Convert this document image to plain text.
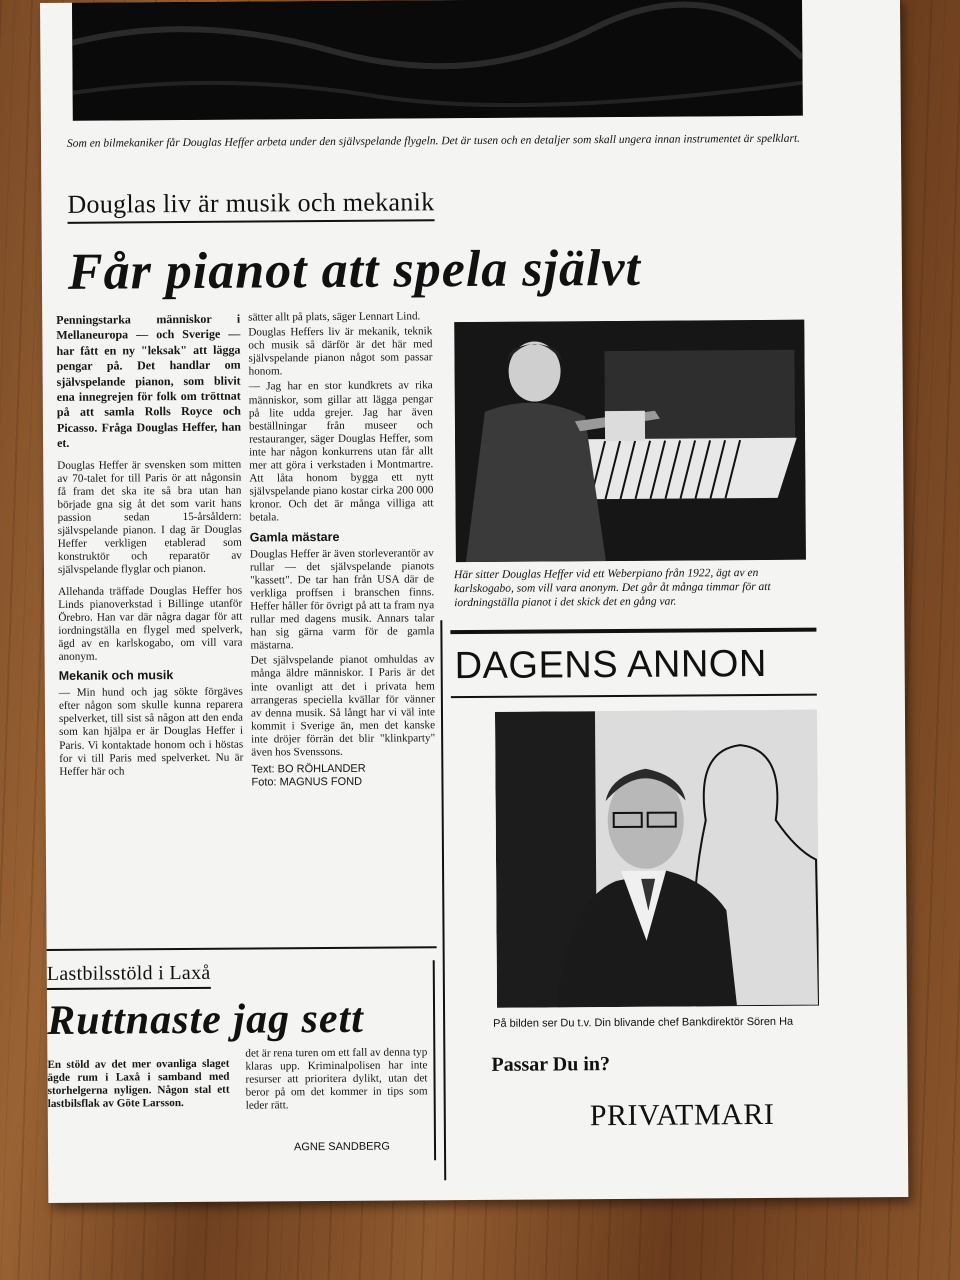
Som en bilmekaniker får Douglas Heffer arbeta under den självspelande flygeln. Det är tusen och en detaljer som skall ungera innan instrumentet är spelklart.
Douglas liv är musik och mekanik
Får pianot att spela självt

Penningstarka människor i Mellaneuropa — och Sverige — har fått en ny "leksak" att lägga pengar på. Det handlar om självspelande pianon, som blivit ena innegrejen för folk om tröttnat på att samla Rolls Royce och Picasso. Fråga Douglas Heffer, han et.

Douglas Heffer är svensken som mitten av 70-talet for till Paris ör att någonsin få fram det ska ite så bra utan han började gna sig åt det som varit hans passion sedan 15-årsåldern: självspelande pianon. I dag är Douglas Heffer verkligen etablerad som konstruktör och reparatör av självspelande flyglar och pianon.

Allehanda träffade Douglas Heffer hos Linds pianoverkstad i Billinge utanför Örebro. Han var där några dagar för att iordningställa en flygel med spelverk, ägd av en karlskogabo, om vill vara anonym.

Mekanik och musik

— Min hund och jag sökte förgäves efter någon som skulle kunna reparera spelverket, till sist så någon att den enda som kan hjälpa er är Douglas Heffer i Paris. Vi kontaktade honom och i höstas for vi till Paris med spelverket. Nu är Heffer här och

sätter allt på plats, säger Lennart Lind.

Douglas Heffers liv är mekanik, teknik och musik så därför är det här med självspelande pianon något som passar honom.

— Jag har en stor kundkrets av rika människor, som gillar att lägga pengar på lite udda grejer. Jag har även beställningar från museer och restauranger, säger Douglas Heffer, som inte har någon konkurrens utan får allt mer att göra i verkstaden i Montmartre. Att låta honom bygga ett nytt självspelande piano kostar cirka 200 000 kronor. Och det är många villiga att betala.

Gamla mästare

Douglas Heffer är även storleverantör av rullar — det självspelande pianots "kassett". De tar han från USA där de verkliga proffsen i branschen finns. Heffer håller för övrigt på att ta fram nya rullar med dagens musik. Annars talar han sig gärna varm för de gamla mästarna.

Det självspelande pianot omhuldas av många äldre människor. I Paris är det inte ovanligt att det i privata hem arrangeras speciella kvällar för vänner av denna musik. Så långt har vi väl inte kommit i Sverige än, men det kanske inte dröjer förrän det blir "klinkparty" även hos Svenssons.

Text: BO RÖHLANDER
Foto: MAGNUS FOND
Här sitter Douglas Heffer vid ett Weberpiano från 1922, ägt av en karlskogabo, som vill vara anonym. Det går åt många timmar för att iordningställa pianot i det skick det en gång var.
DAGENS ANNON
På bilden ser Du t.v. Din blivande chef Bankdirektör Sören Ha
Passar Du in?
PRIVATMARI
Lastbilsstöld i Laxå
Ruttnaste jag sett
En stöld av det mer ovanliga slaget ägde rum i Laxå i samband med storhelgerna nyligen. Någon stal ett lastbilsflak av Göte Larsson.
det är rena turen om ett fall av denna typ klaras upp. Kriminalpolisen har inte resurser att prioritera dylikt, utan det beror på om det kommer in tips som leder rätt.
AGNE SANDBERG
